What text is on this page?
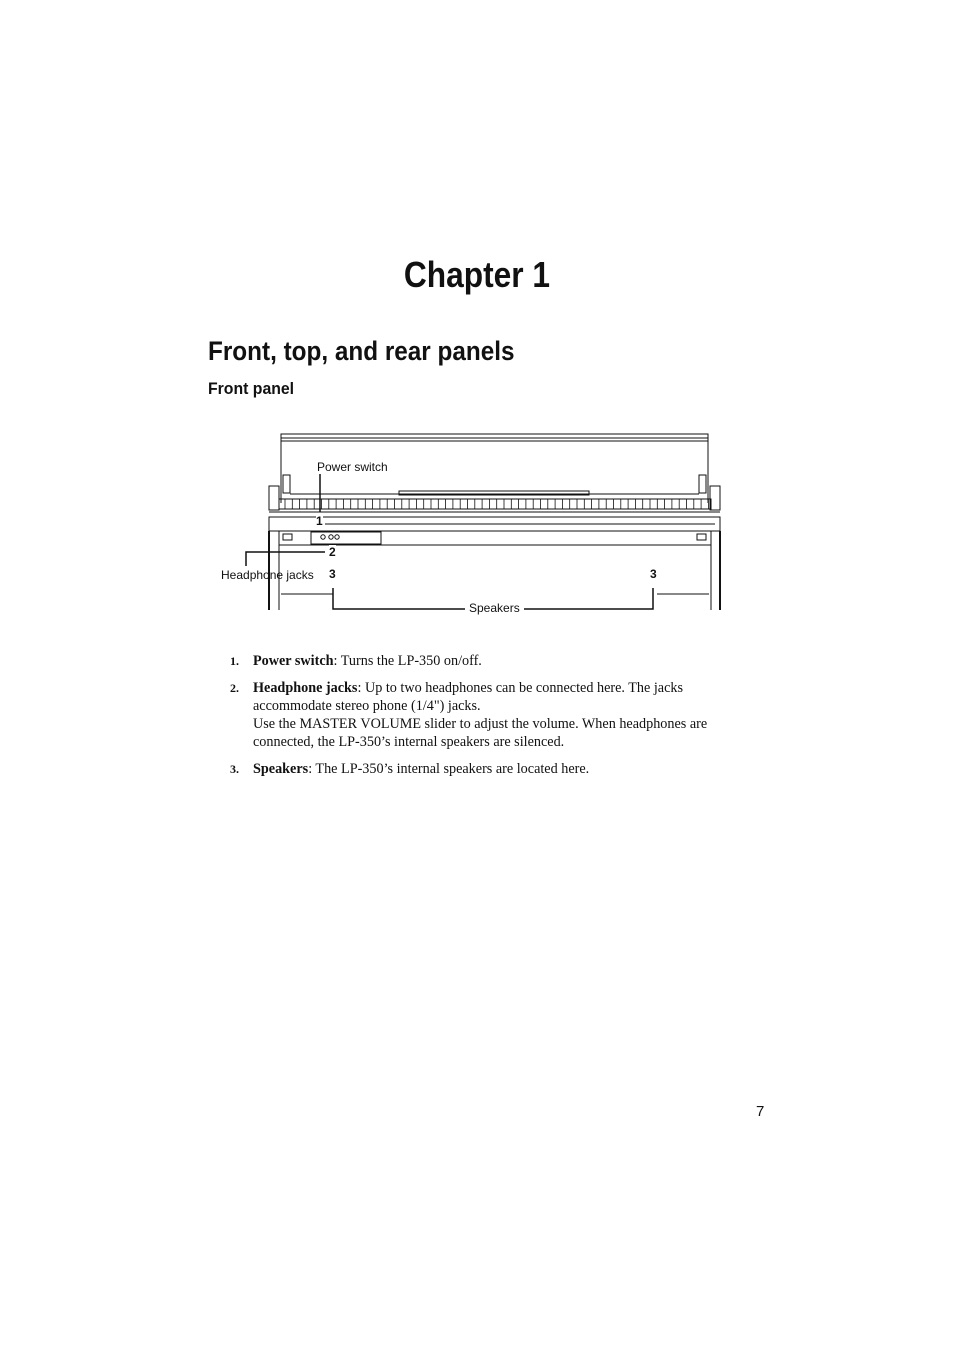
Chapter 1
Front, top, and rear panels
Front panel
Power switch
Headphone jacks
Speakers
1
2
3	3
1. Power switch: Turns the LP-350 on/off.
2. Headphone jacks: Up to two headphones can be connected here. The jacks
accommodate stereo phone (1/4") jacks.
Use the MASTER VOLUME slider to adjust the volume. When headphones are
connected, the LP-350’s internal speakers are silenced.
3. Speakers: The LP-350’s internal speakers are located here.
7
